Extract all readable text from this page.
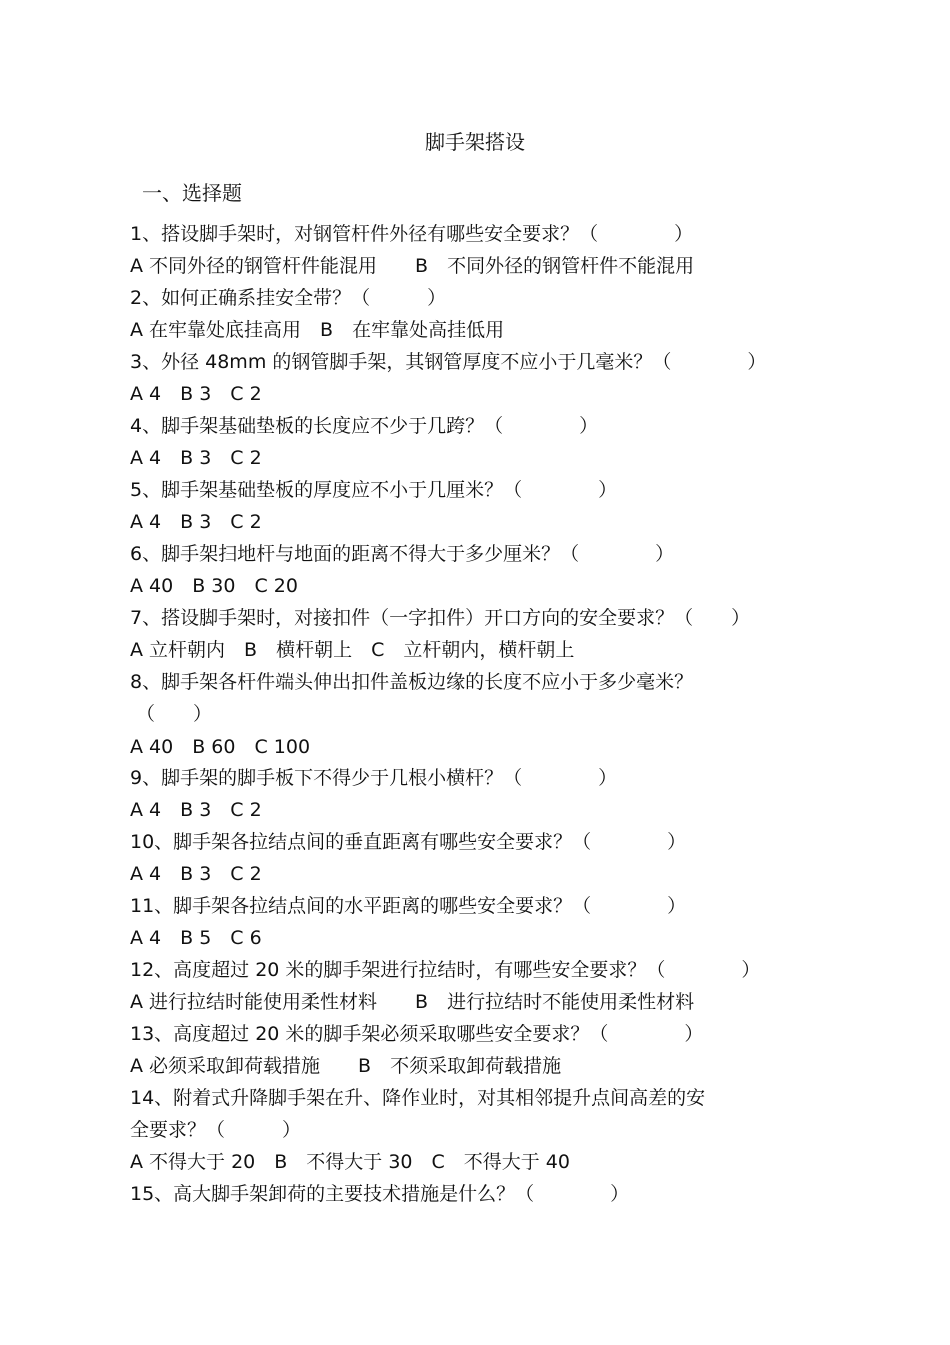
脚手架搭设
一、选择题
1、搭设脚手架时，对钢管杆件外径有哪些安全要求？（　　　　）
A 不同外径的钢管杆件能混用　　B　不同外径的钢管杆件不能混用
2、如何正确系挂安全带？（　　　）
A 在牢靠处底挂高用　B　在牢靠处高挂低用
3、外径 48mm 的钢管脚手架，其钢管厚度不应小于几毫米？（　　　　）
A 4　B 3　C 2
4、脚手架基础垫板的长度应不少于几跨？（　　　　）
A 4　B 3　C 2
5、脚手架基础垫板的厚度应不小于几厘米？（　　　　）
A 4　B 3　C 2
6、脚手架扫地杆与地面的距离不得大于多少厘米？（　　　　）
A 40　B 30　C 20
7、搭设脚手架时，对接扣件（一字扣件）开口方向的安全要求？（　　）
A 立杆朝内　B　横杆朝上　C　立杆朝内，横杆朝上
8、脚手架各杆件端头伸出扣件盖板边缘的长度不应小于多少毫米？
（　　）
A 40　B 60　C 100
9、脚手架的脚手板下不得少于几根小横杆？（　　　　）
A 4　B 3　C 2
10、脚手架各拉结点间的垂直距离有哪些安全要求？（　　　　）
A 4　B 3　C 2
11、脚手架各拉结点间的水平距离的哪些安全要求？（　　　　）
A 4　B 5　C 6
12、高度超过 20 米的脚手架进行拉结时，有哪些安全要求？（　　　　）
A 进行拉结时能使用柔性材料　　B　进行拉结时不能使用柔性材料
13、高度超过 20 米的脚手架必须采取哪些安全要求？（　　　　）
A 必须采取卸荷载措施　　B　不须采取卸荷载措施
14、附着式升降脚手架在升、降作业时，对其相邻提升点间高差的安
全要求？（　　　）
A 不得大于 20　B　不得大于 30　C　不得大于 40
15、高大脚手架卸荷的主要技术措施是什么？（　　　　）
